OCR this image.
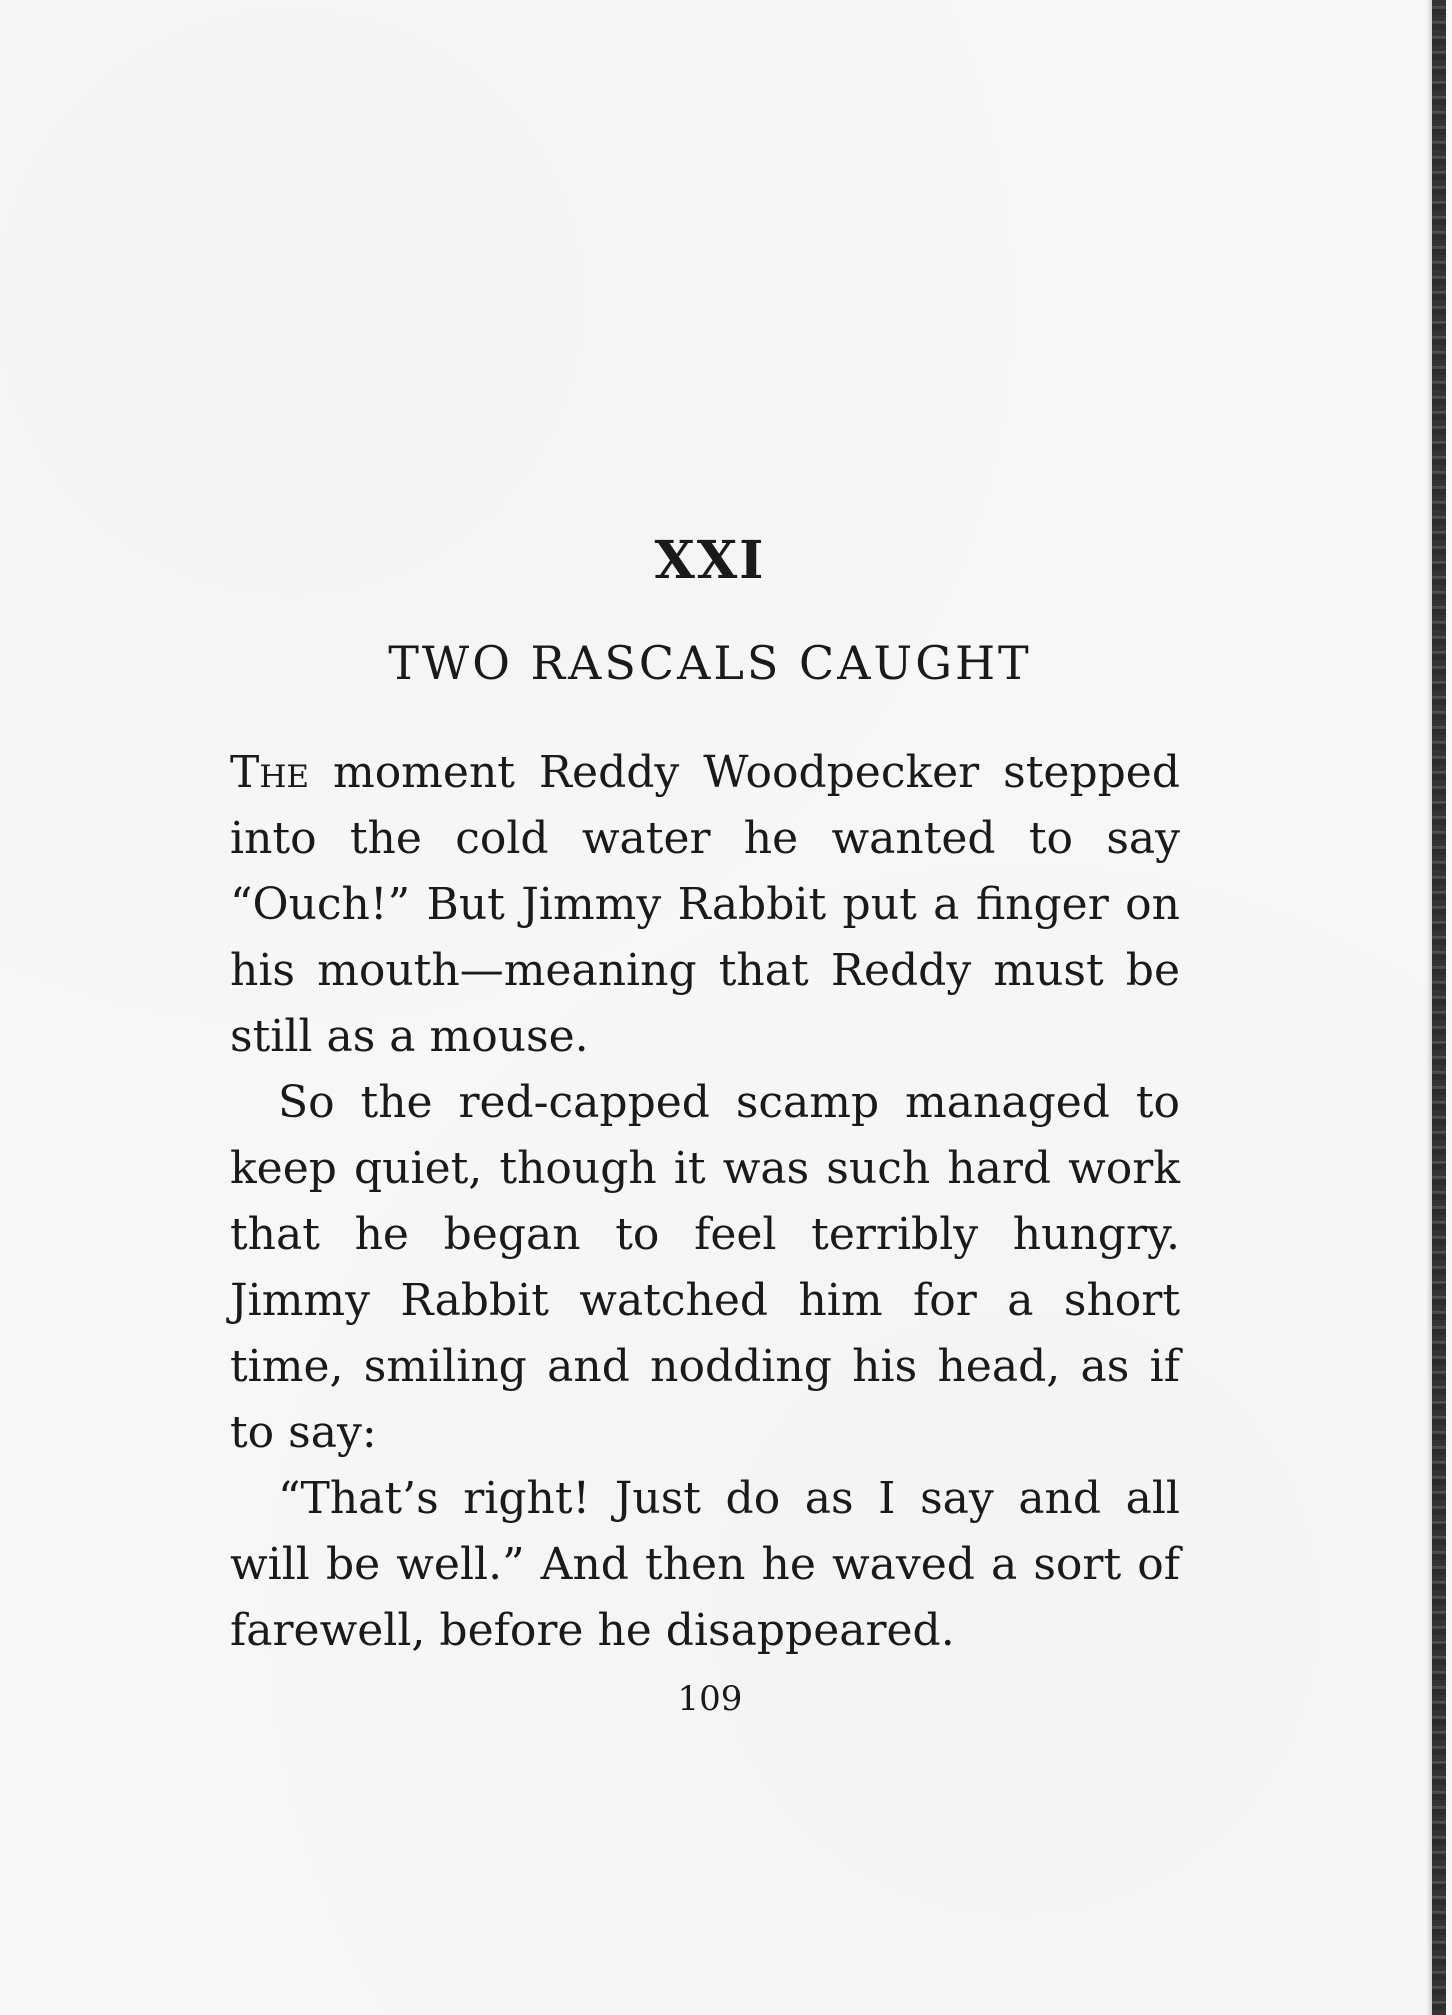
XXI
TWO RASCALS CAUGHT

The moment Reddy Woodpecker stepped into the cold water he wanted to say “Ouch!” But Jimmy Rabbit put a finger on his mouth—meaning that Reddy must be still as a mouse.

So the red-capped scamp managed to keep quiet, though it was such hard work that he began to feel terribly hungry. Jimmy Rabbit watched him for a short time, smiling and nodding his head, as if to say:

“That’s right! Just do as I say and all will be well.” And then he waved a sort of farewell, before he disappeared.

109
